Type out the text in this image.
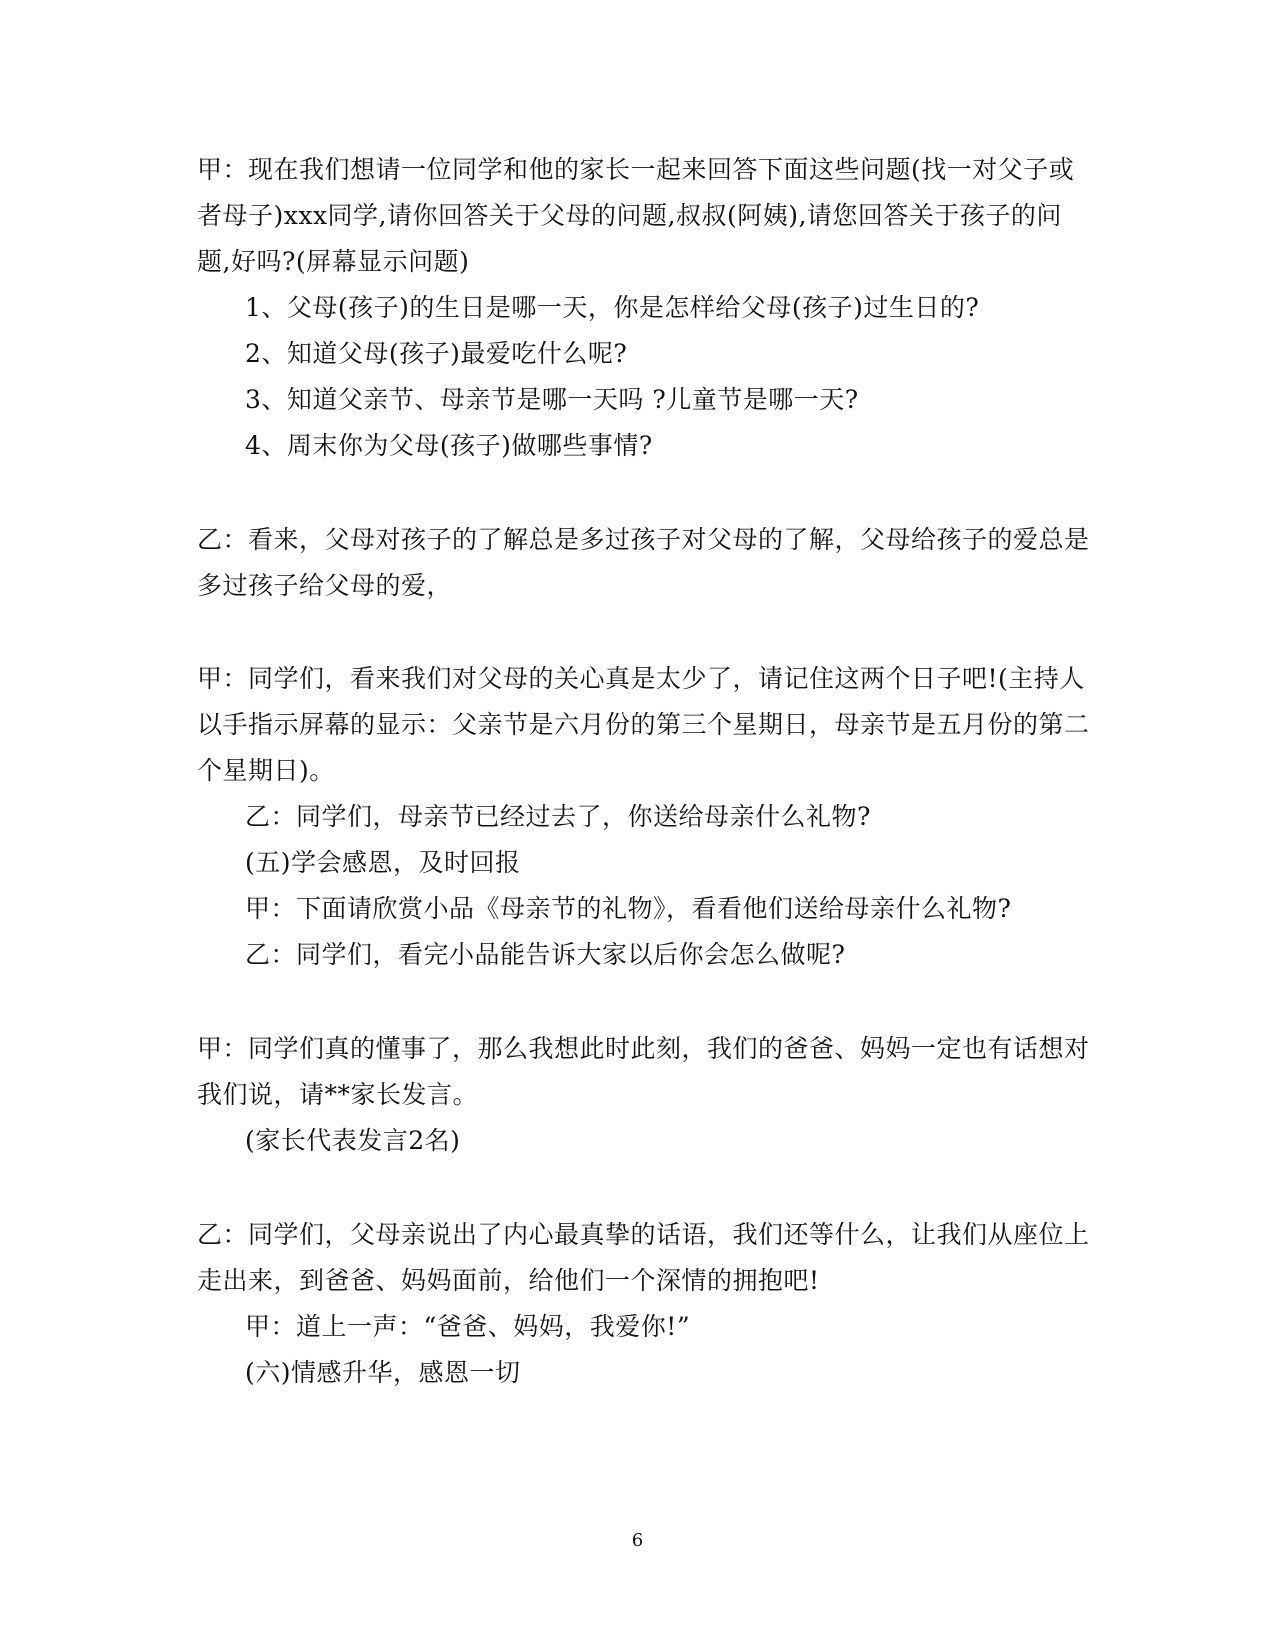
甲：现在我们想请一位同学和他的家长一起来回答下面这些问题(找一对父子或
者母子)xxx同学,请你回答关于父母的问题,叔叔(阿姨),请您回答关于孩子的问
题,好吗?(屏幕显示问题)
1、父母(孩子)的生日是哪一天，你是怎样给父母(孩子)过生日的?
2、知道父母(孩子)最爱吃什么呢?
3、知道父亲节、母亲节是哪一天吗 ?儿童节是哪一天?
4、周末你为父母(孩子)做哪些事情?
乙：看来，父母对孩子的了解总是多过孩子对父母的了解，父母给孩子的爱总是
多过孩子给父母的爱，
甲：同学们，看来我们对父母的关心真是太少了，请记住这两个日子吧!(主持人
以手指示屏幕的显示：父亲节是六月份的第三个星期日，母亲节是五月份的第二
个星期日)。
乙：同学们，母亲节已经过去了，你送给母亲什么礼物?
(五)学会感恩，及时回报
甲：下面请欣赏小品《母亲节的礼物》，看看他们送给母亲什么礼物?
乙：同学们，看完小品能告诉大家以后你会怎么做呢?
甲：同学们真的懂事了，那么我想此时此刻，我们的爸爸、妈妈一定也有话想对
我们说，请**家长发言。
(家长代表发言2名)
乙：同学们，父母亲说出了内心最真挚的话语，我们还等什么，让我们从座位上
走出来，到爸爸、妈妈面前，给他们一个深情的拥抱吧!
甲：道上一声：“爸爸、妈妈，我爱你!”
(六)情感升华，感恩一切
6
